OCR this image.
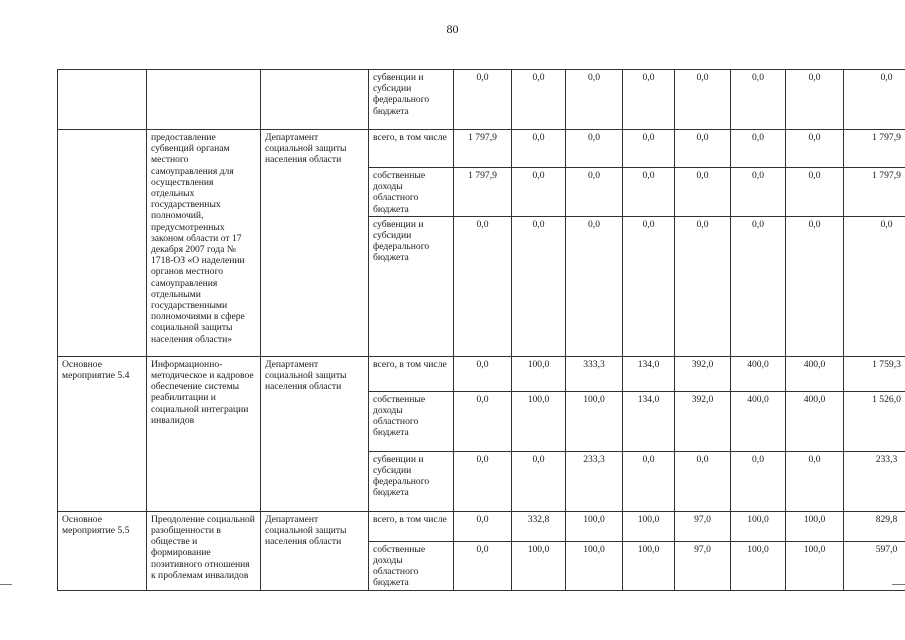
80
			субвенции и субсидии федерального бюджета	0,0	0,0	0,0	0,0	0,0	0,0	0,0	0,0
	предоставление субвенций органам местного самоуправления для осуществления отдельных государственных полномочий, предусмотренных законом области от 17 декабря 2007 года № 1718-ОЗ «О наделении органов местного самоуправления отдельными государственными полномочиями в сфере социальной защиты населения области»	Департамент социальной защиты населения области	всего, в том числе	1 797,9	0,0	0,0	0,0	0,0	0,0	0,0	1 797,9
			собственные доходы областного бюджета	1 797,9	0,0	0,0	0,0	0,0	0,0	0,0	1 797,9
			субвенции и субсидии федерального бюджета	0,0	0,0	0,0	0,0	0,0	0,0	0,0	0,0
Основное мероприятие 5.4	Информационно-методическое и кадровое обеспечение системы реабилитации и социальной интеграции инвалидов	Департамент социальной защиты населения области	всего, в том числе	0,0	100,0	333,3	134,0	392,0	400,0	400,0	1 759,3
			собственные доходы областного бюджета	0,0	100,0	100,0	134,0	392,0	400,0	400,0	1 526,0
			субвенции и субсидии федерального бюджета	0,0	0,0	233,3	0,0	0,0	0,0	0,0	233,3
Основное мероприятие 5.5	Преодоление социальной разобщенности в обществе и формирование позитивного отношения к проблемам инвалидов	Департамент социальной защиты населения области	всего, в том числе	0,0	332,8	100,0	100,0	97,0	100,0	100,0	829,8
			собственные доходы областного бюджета	0,0	100,0	100,0	100,0	97,0	100,0	100,0	597,0
